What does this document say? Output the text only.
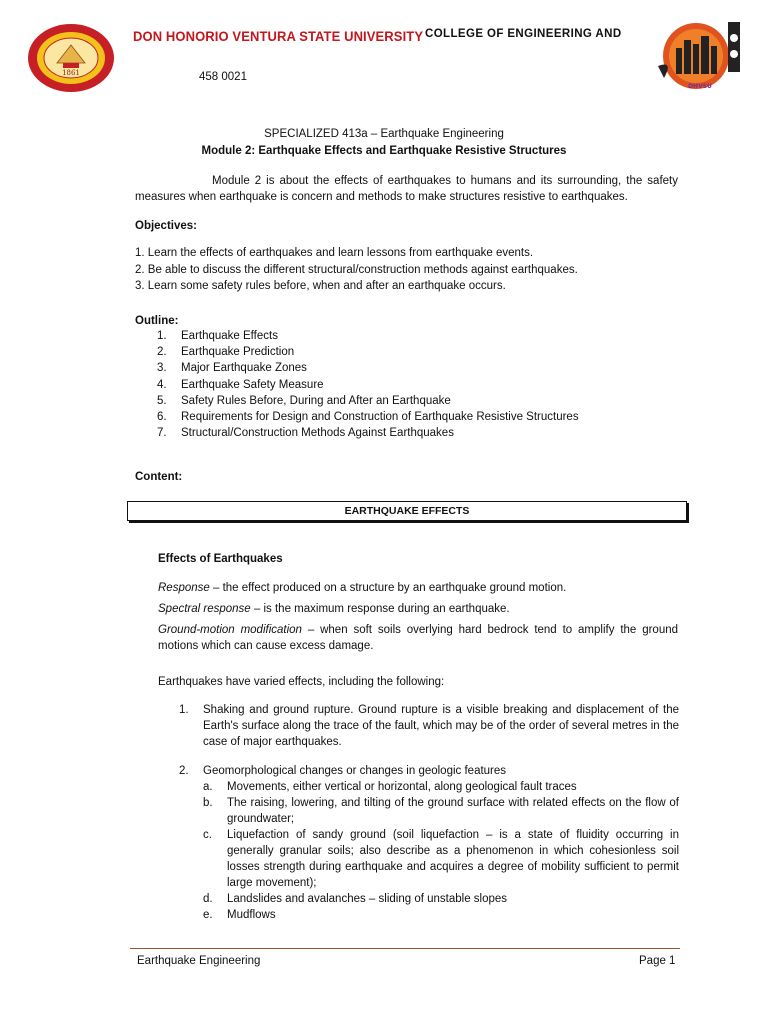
1861
DON HONORIO VENTURA STATE UNIVERSITY COLLEGE OF ENGINEERING AND
458 0021
DHVSU
SPECIALIZED 413a – Earthquake Engineering
Module 2: Earthquake Effects and Earthquake Resistive Structures
Module 2 is about the effects of earthquakes to humans and its surrounding, the safety measures when earthquake is concern and methods to make structures resistive to earthquakes.
Objectives:
1. Learn the effects of earthquakes and learn lessons from earthquake events.
2. Be able to discuss the different structural/construction methods against earthquakes.
3. Learn some safety rules before, when and after an earthquake occurs.
Outline:
1.	Earthquake Effects
2.	Earthquake Prediction
3.	Major Earthquake Zones
4.	Earthquake Safety Measure
5.	Safety Rules Before, During and After an Earthquake
6.	Requirements for Design and Construction of Earthquake Resistive Structures
7.	Structural/Construction Methods Against Earthquakes
Content:
EARTHQUAKE EFFECTS
Effects of Earthquakes
Response – the effect produced on a structure by an earthquake ground motion.
Spectral response – is the maximum response during an earthquake.
Ground-motion modification – when soft soils overlying hard bedrock tend to amplify the ground motions which can cause excess damage.
Earthquakes have varied effects, including the following:
1.	Shaking and ground rupture. Ground rupture is a visible breaking and displacement of the Earth's surface along the trace of the fault, which may be of the order of several metres in the case of major earthquakes.
2.	Geomorphological changes or changes in geologic features
a.	Movements, either vertical or horizontal, along geological fault traces
b.	The raising, lowering, and tilting of the ground surface with related effects on the flow of groundwater;
c.	Liquefaction of sandy ground (soil liquefaction – is a state of fluidity occurring in generally granular soils; also describe as a phenomenon in which cohesionless soil losses strength during earthquake and acquires a degree of mobility sufficient to permit large movement);
d.	Landslides and avalanches – sliding of unstable slopes
e.	Mudflows
Earthquake Engineering	Page 1
